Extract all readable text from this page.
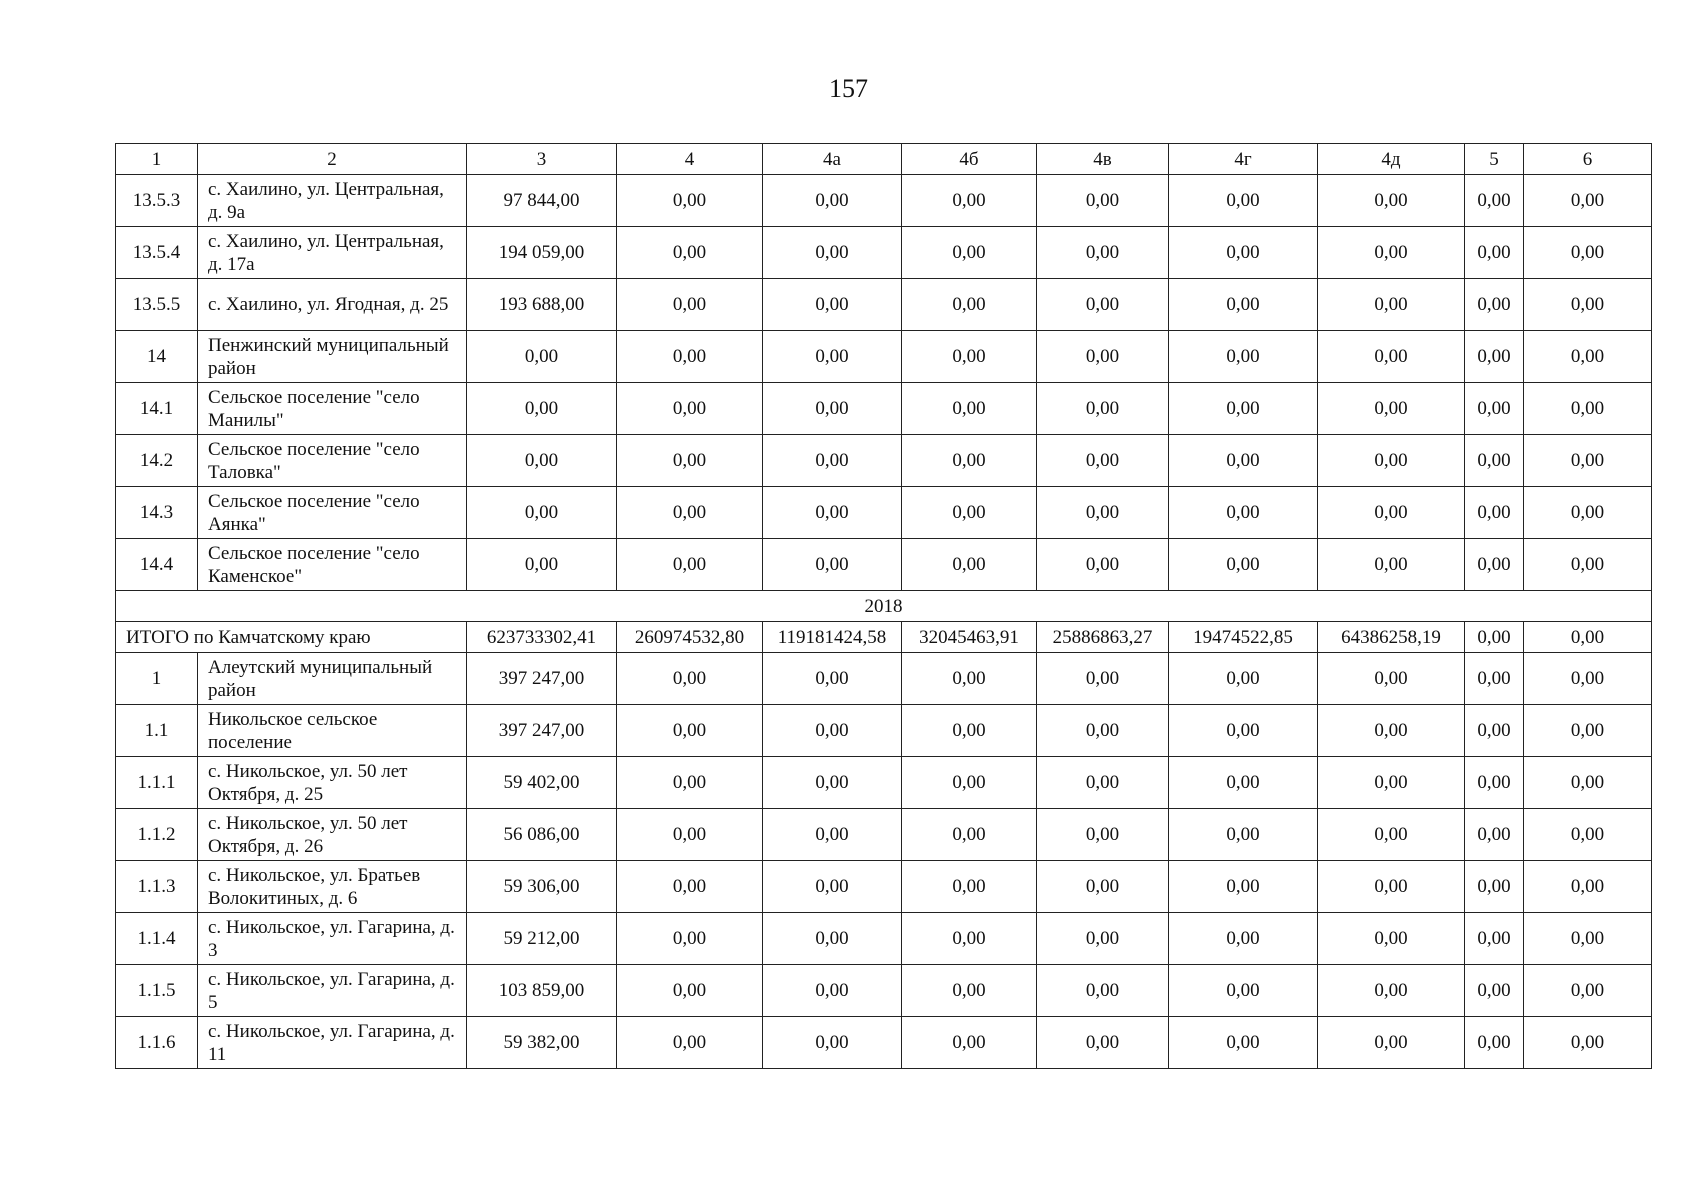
157
1	2	3	4	4а	4б	4в	4г	4д	5	6
13.5.3	с. Хаилино, ул. Центральная, д. 9а	97 844,00	0,00	0,00	0,00	0,00	0,00	0,00	0,00	0,00
13.5.4	с. Хаилино, ул. Центральная, д. 17а	194 059,00	0,00	0,00	0,00	0,00	0,00	0,00	0,00	0,00
13.5.5	с. Хаилино, ул. Ягодная, д. 25	193 688,00	0,00	0,00	0,00	0,00	0,00	0,00	0,00	0,00
14	Пенжинский муниципальный район	0,00	0,00	0,00	0,00	0,00	0,00	0,00	0,00	0,00
14.1	Сельское поселение "село Манилы"	0,00	0,00	0,00	0,00	0,00	0,00	0,00	0,00	0,00
14.2	Сельское поселение "село Таловка"	0,00	0,00	0,00	0,00	0,00	0,00	0,00	0,00	0,00
14.3	Сельское поселение "село Аянка"	0,00	0,00	0,00	0,00	0,00	0,00	0,00	0,00	0,00
14.4	Сельское поселение "село Каменское"	0,00	0,00	0,00	0,00	0,00	0,00	0,00	0,00	0,00
2018										
ИТОГО по Камчатскому краю		623733302,41	260974532,80	119181424,58	32045463,91	25886863,27	19474522,85	64386258,19	0,00	0,00
1	Алеутский муниципальный район	397 247,00	0,00	0,00	0,00	0,00	0,00	0,00	0,00	0,00
1.1	Никольское сельское поселение	397 247,00	0,00	0,00	0,00	0,00	0,00	0,00	0,00	0,00
1.1.1	с. Никольское, ул. 50 лет Октября, д. 25	59 402,00	0,00	0,00	0,00	0,00	0,00	0,00	0,00	0,00
1.1.2	с. Никольское, ул. 50 лет Октября, д. 26	56 086,00	0,00	0,00	0,00	0,00	0,00	0,00	0,00	0,00
1.1.3	с. Никольское, ул. Братьев Волокитиных, д. 6	59 306,00	0,00	0,00	0,00	0,00	0,00	0,00	0,00	0,00
1.1.4	с. Никольское, ул. Гагарина, д. 3	59 212,00	0,00	0,00	0,00	0,00	0,00	0,00	0,00	0,00
1.1.5	с. Никольское, ул. Гагарина, д. 5	103 859,00	0,00	0,00	0,00	0,00	0,00	0,00	0,00	0,00
1.1.6	с. Никольское, ул. Гагарина, д. 11	59 382,00	0,00	0,00	0,00	0,00	0,00	0,00	0,00	0,00
